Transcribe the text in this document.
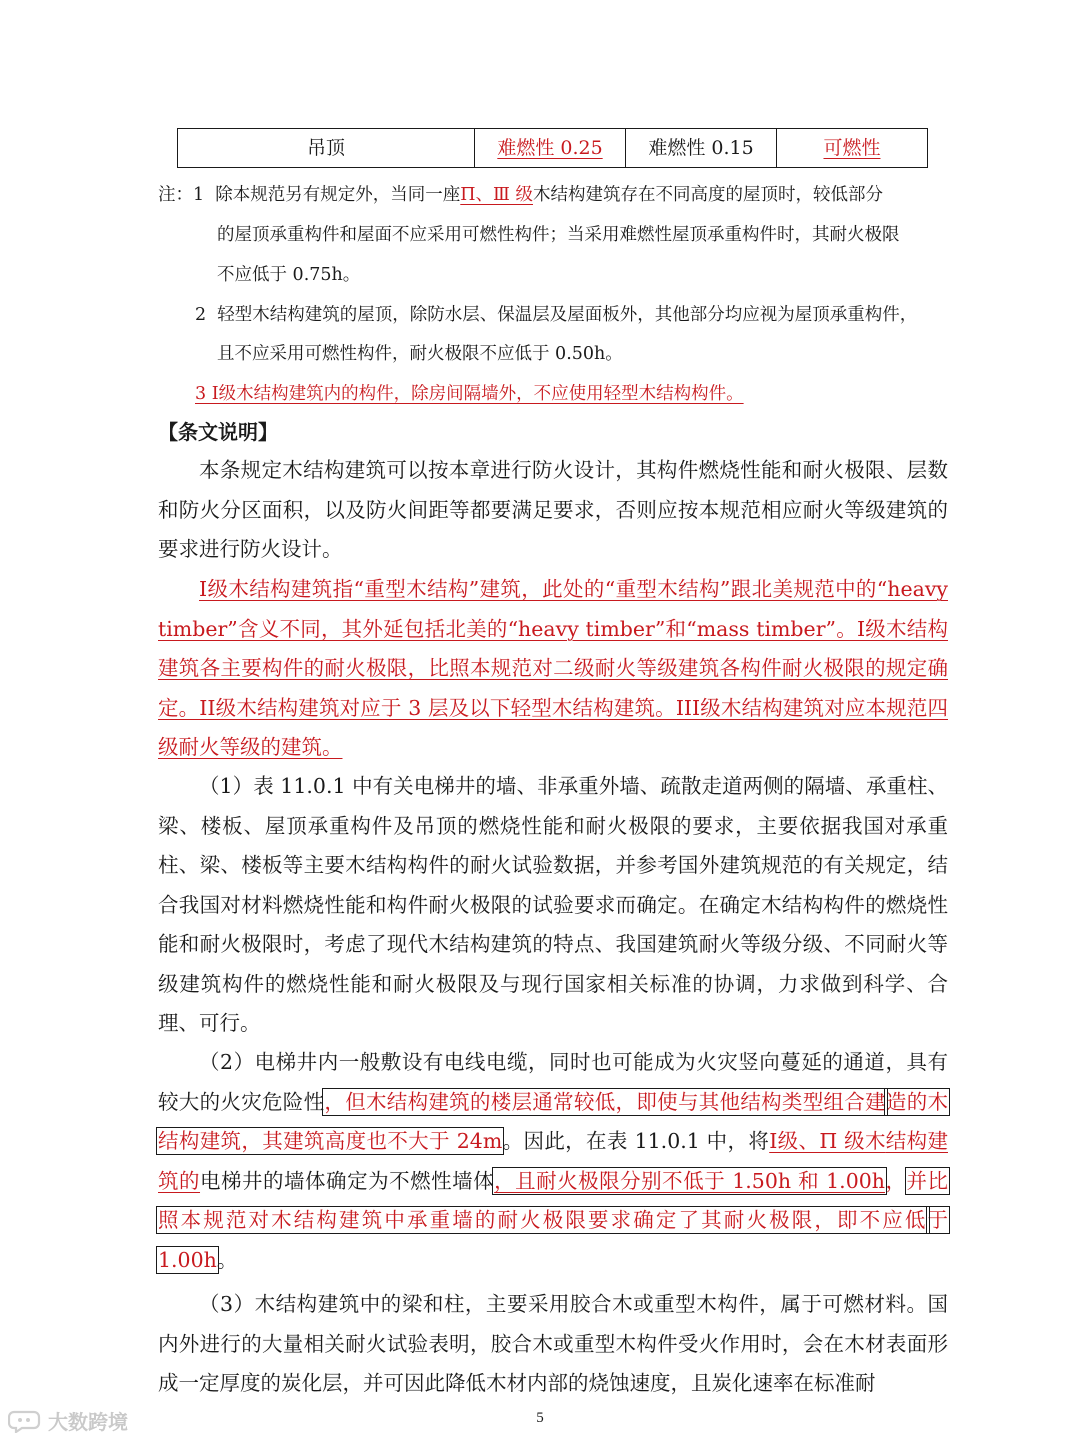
吊顶	难燃性 0.25	难燃性 0.15	可燃性
注：1 除本规范另有规定外，当同一座Π、Ⅲ 级木结构建筑存在不同高度的屋顶时，较低部分
的屋顶承重构件和屋面不应采用可燃性构件；当采用难燃性屋顶承重构件时，其耐火极限
不应低于 0.75h。
2 轻型木结构建筑的屋顶，除防水层、保温层及屋面板外，其他部分均应视为屋顶承重构件，
且不应采用可燃性构件，耐火极限不应低于 0.50h。
3 I级木结构建筑内的构件，除房间隔墙外，不应使用轻型木结构构件。
【条文说明】

本条规定木结构建筑可以按本章进行防火设计，其构件燃烧性能和耐火极限、层数和防火分区面积，以及防火间距等都要满足要求，否则应按本规范相应耐火等级建筑的要求进行防火设计。

I级木结构建筑指“重型木结构”建筑，此处的“重型木结构”跟北美规范中的“heavy timber”含义不同，其外延包括北美的“heavy timber”和“mass timber”。I级木结构建筑各主要构件的耐火极限，比照本规范对二级耐火等级建筑各构件耐火极限的规定确定。II级木结构建筑对应于 3 层及以下轻型木结构建筑。III级木结构建筑对应本规范四级耐火等级的建筑。

（1）表 11.0.1 中有关电梯井的墙、非承重外墙、疏散走道两侧的隔墙、承重柱、梁、楼板、屋顶承重构件及吊顶的燃烧性能和耐火极限的要求，主要依据我国对承重柱、梁、楼板等主要木结构构件的耐火试验数据，并参考国外建筑规范的有关规定，结合我国对材料燃烧性能和构件耐火极限的试验要求而确定。在确定木结构构件的燃烧性能和耐火极限时，考虑了现代木结构建筑的特点、我国建筑耐火等级分级、不同耐火等级建筑构件的燃烧性能和耐火极限及与现行国家相关标准的协调，力求做到科学、合理、可行。

（2）电梯井内一般敷设有电线电缆，同时也可能成为火灾竖向蔓延的通道，具有较大的火灾危险性，但木结构建筑的楼层通常较低，即使与其他结构类型组合建造的木结构建筑，其建筑高度也不大于 24m。因此，在表 11.0.1 中，将I级、Π 级木结构建筑的电梯井的墙体确定为不燃性墙体，且耐火极限分别不低于 1.50h 和 1.00h，并比照本规范对木结构建筑中承重墙的耐火极限要求确定了其耐火极限，即不应低于 1.00h。

（3）木结构建筑中的梁和柱，主要采用胶合木或重型木构件，属于可燃材料。国内外进行的大量相关耐火试验表明，胶合木或重型木构件受火作用时，会在木材表面形成一定厚度的炭化层，并可因此降低木材内部的烧蚀速度，且炭化速率在标准耐

5
大数跨境
